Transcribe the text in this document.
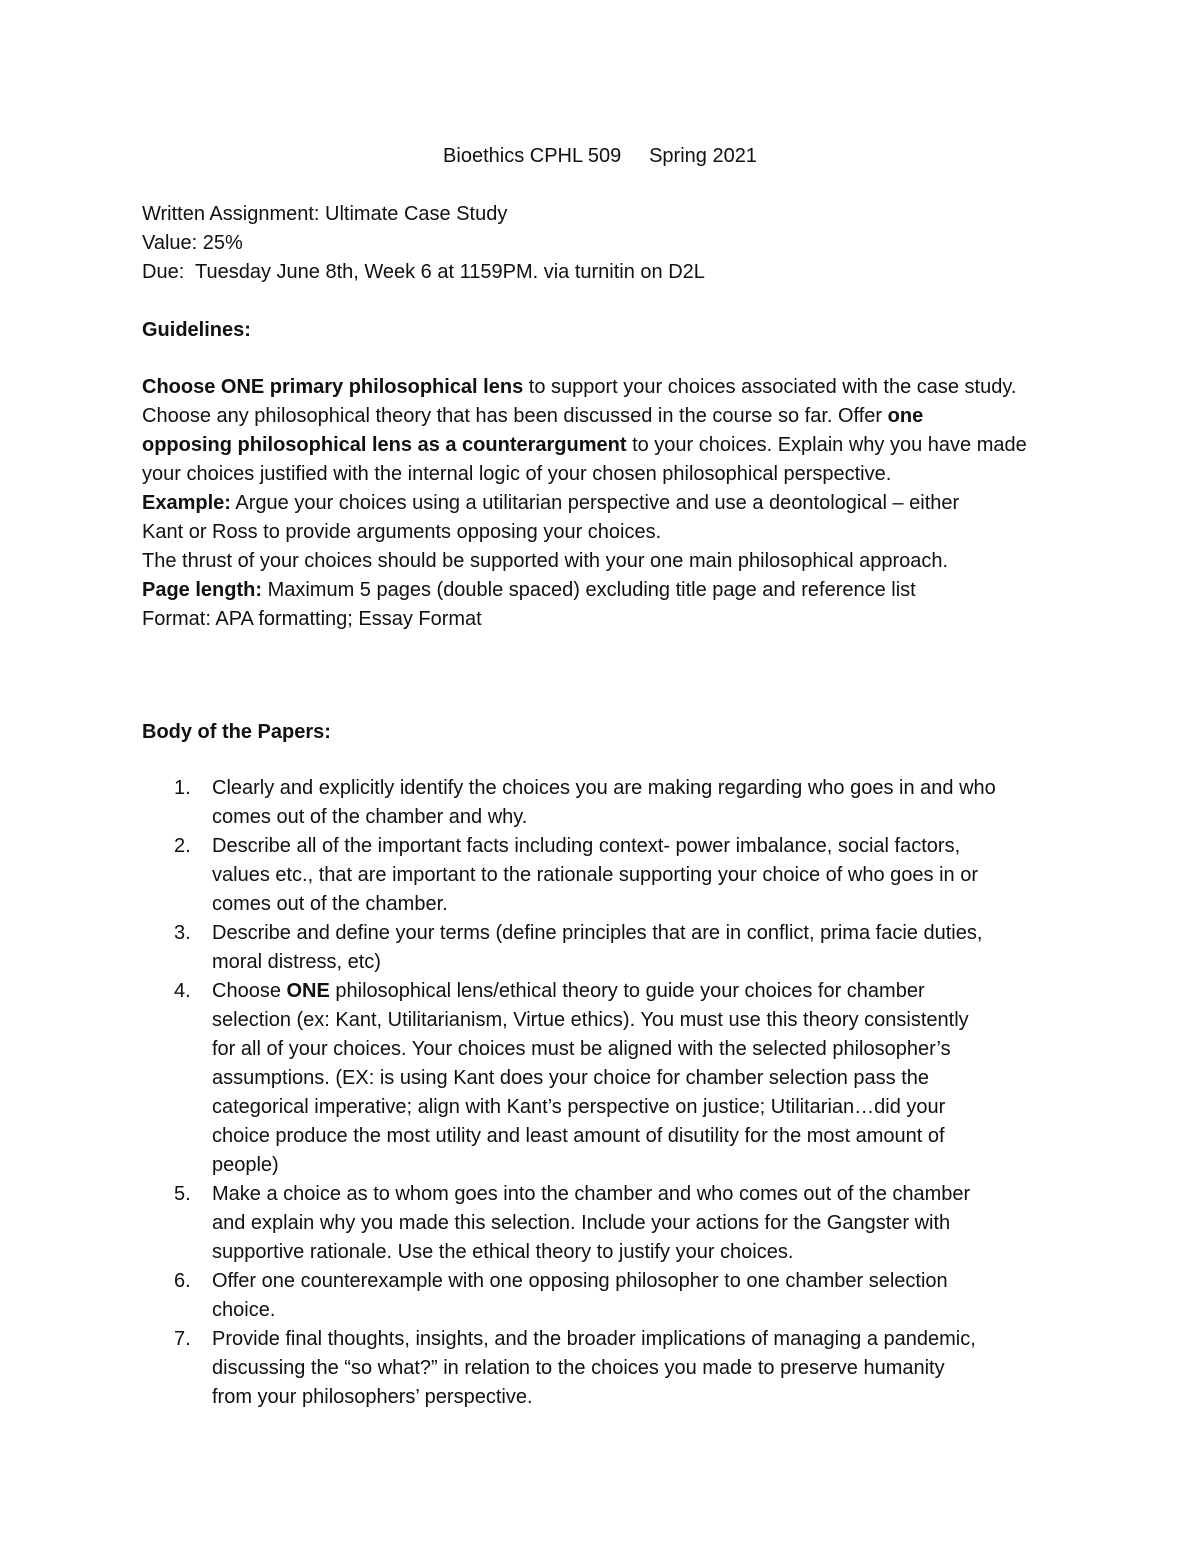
Bioethics CPHL 509     Spring 2021
Written Assignment: Ultimate Case Study
Value: 25%
Due:  Tuesday June 8th, Week 6 at 1159PM. via turnitin on D2L
Guidelines:
Choose ONE primary philosophical lens to support your choices associated with the case study.
Choose any philosophical theory that has been discussed in the course so far. Offer one
opposing philosophical lens as a counterargument to your choices. Explain why you have made
your choices justified with the internal logic of your chosen philosophical perspective.
Example: Argue your choices using a utilitarian perspective and use a deontological – either
Kant or Ross to provide arguments opposing your choices.
The thrust of your choices should be supported with your one main philosophical approach.
Page length: Maximum 5 pages (double spaced) excluding title page and reference list
Format: APA formatting; Essay Format
Body of the Papers:
1. Clearly and explicitly identify the choices you are making regarding who goes in and who
comes out of the chamber and why.
2. Describe all of the important facts including context- power imbalance, social factors,
values etc., that are important to the rationale supporting your choice of who goes in or
comes out of the chamber.
3. Describe and define your terms (define principles that are in conflict, prima facie duties,
moral distress, etc)
4. Choose ONE philosophical lens/ethical theory to guide your choices for chamber
selection (ex: Kant, Utilitarianism, Virtue ethics). You must use this theory consistently
for all of your choices. Your choices must be aligned with the selected philosopher’s
assumptions. (EX: is using Kant does your choice for chamber selection pass the
categorical imperative; align with Kant’s perspective on justice; Utilitarian…did your
choice produce the most utility and least amount of disutility for the most amount of
people)
5. Make a choice as to whom goes into the chamber and who comes out of the chamber
and explain why you made this selection. Include your actions for the Gangster with
supportive rationale. Use the ethical theory to justify your choices.
6. Offer one counterexample with one opposing philosopher to one chamber selection
choice.
7. Provide final thoughts, insights, and the broader implications of managing a pandemic,
discussing the “so what?” in relation to the choices you made to preserve humanity
from your philosophers’ perspective.
